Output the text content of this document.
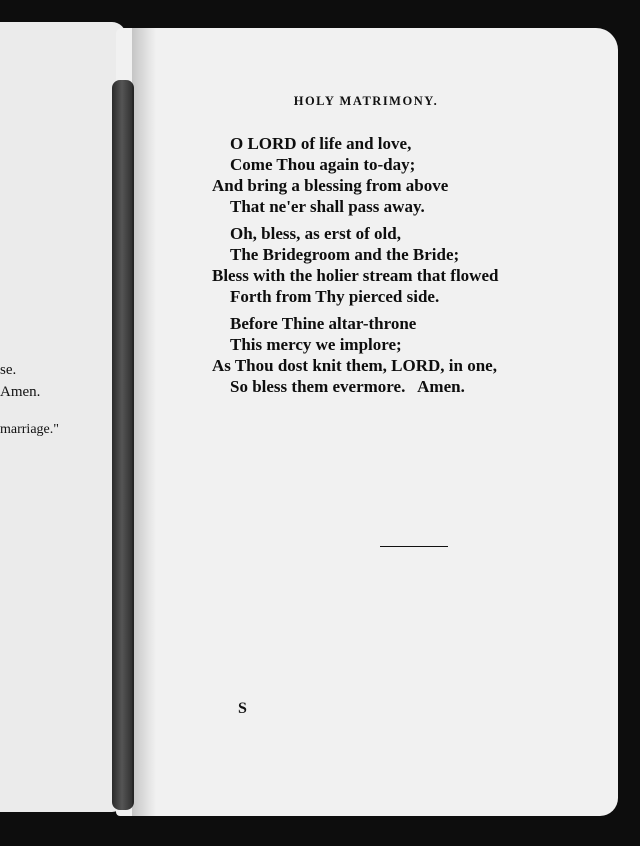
se.
Amen.
marriage."
HOLY MATRIMONY.
O LORD of life and love,
Come Thou again to-day;
And bring a blessing from above
That ne'er shall pass away.
Oh, bless, as erst of old,
The Bridegroom and the Bride;
Bless with the holier stream that flowed
Forth from Thy pierced side.
Before Thine altar-throne
This mercy we implore;
As Thou dost knit them, LORD, in one,
So bless them evermore.   Amen.
S
